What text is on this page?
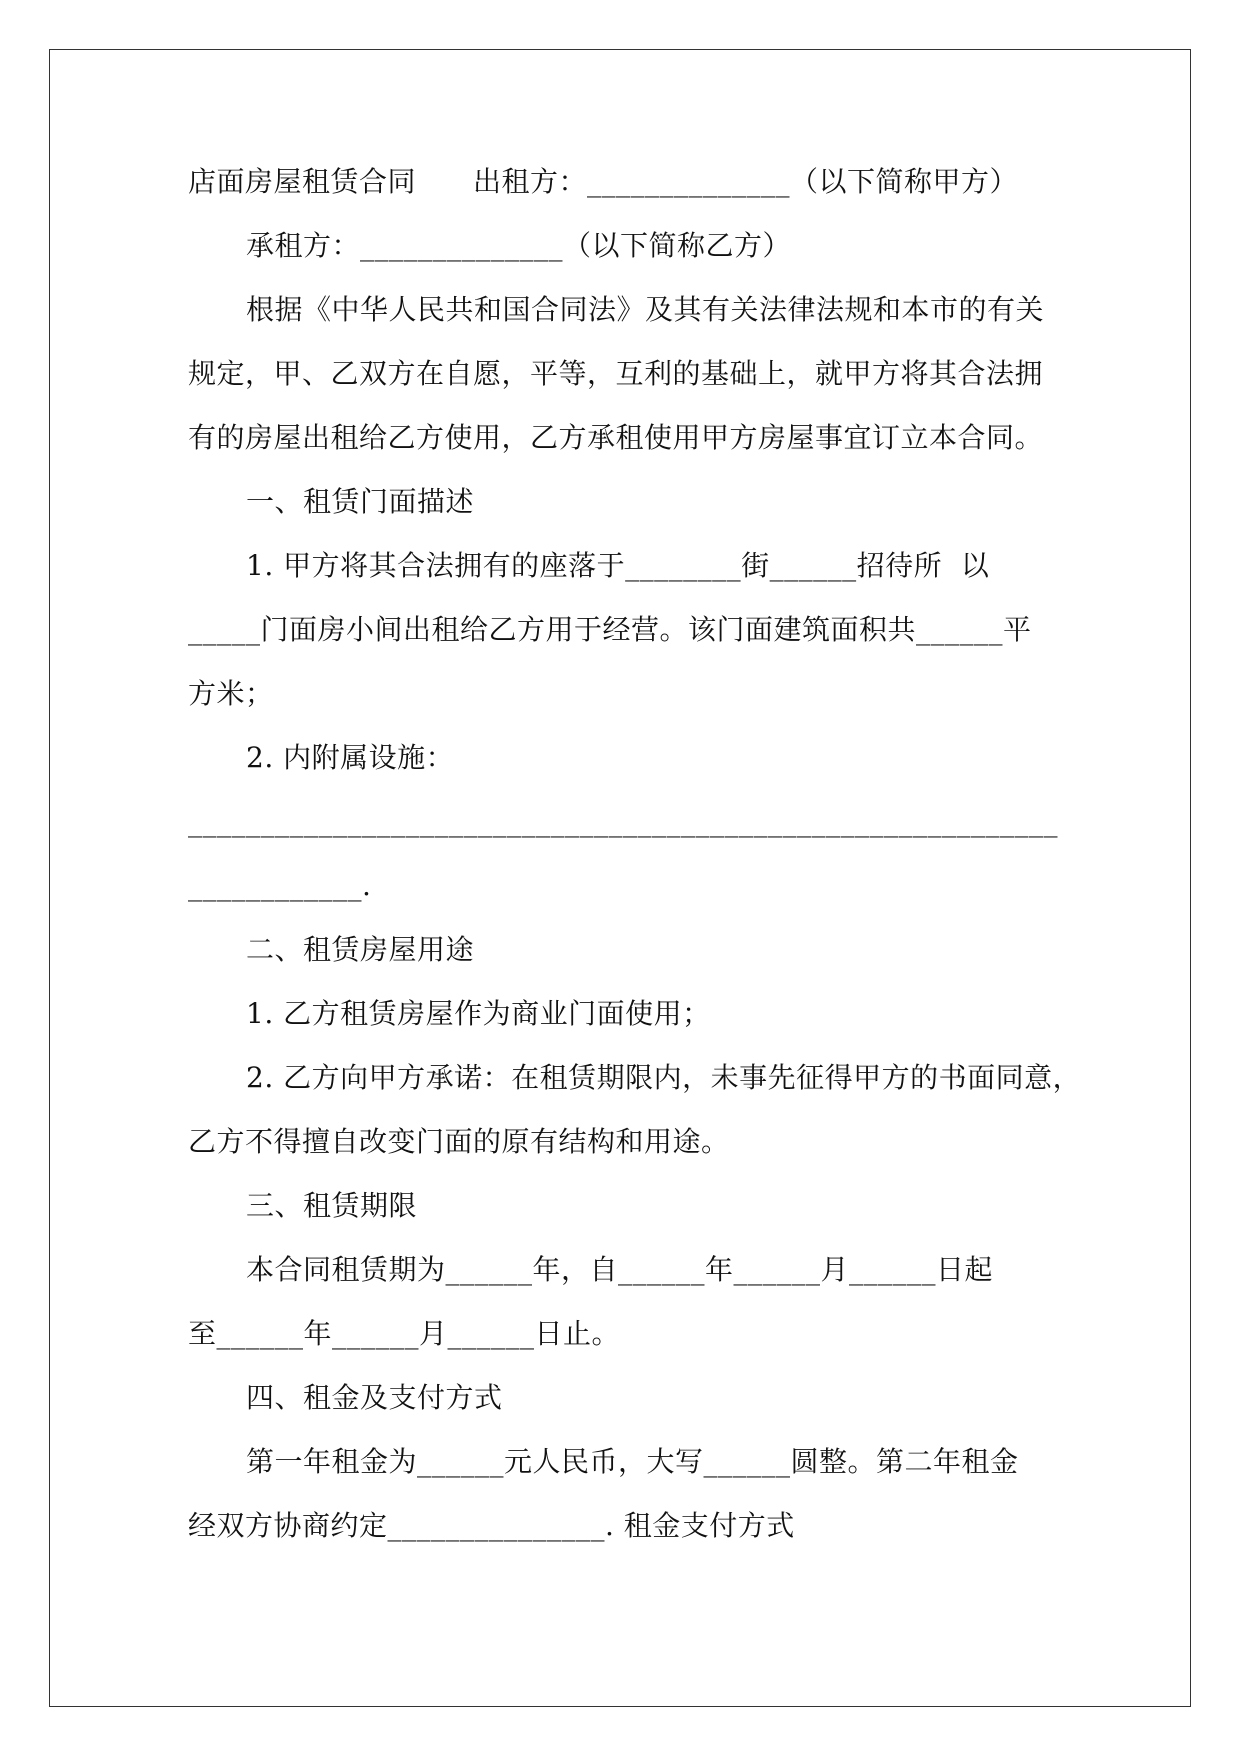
店面房屋租赁合同　　出租方：______________（以下简称甲方）
承租方：______________（以下简称乙方）
根据《中华人民共和国合同法》及其有关法律法规和本市的有关
规定，甲、乙双方在自愿，平等，互利的基础上，就甲方将其合法拥
有的房屋出租给乙方使用，乙方承租使用甲方房屋事宜订立本合同。
一、租赁门面描述
1. 甲方将其合法拥有的座落于________街______招待所  以
_____门面房小间出租给乙方用于经营。该门面建筑面积共______平
方米；
2. 内附属设施：
____________________________________________________________
____________.
二、租赁房屋用途
1. 乙方租赁房屋作为商业门面使用；
2. 乙方向甲方承诺：在租赁期限内，未事先征得甲方的书面同意，
乙方不得擅自改变门面的原有结构和用途。
三、租赁期限
本合同租赁期为______年，自______年______月______日起
至______年______月______日止。
四、租金及支付方式
第一年租金为______元人民币，大写______圆整。第二年租金
经双方协商约定_______________. 租金支付方式
